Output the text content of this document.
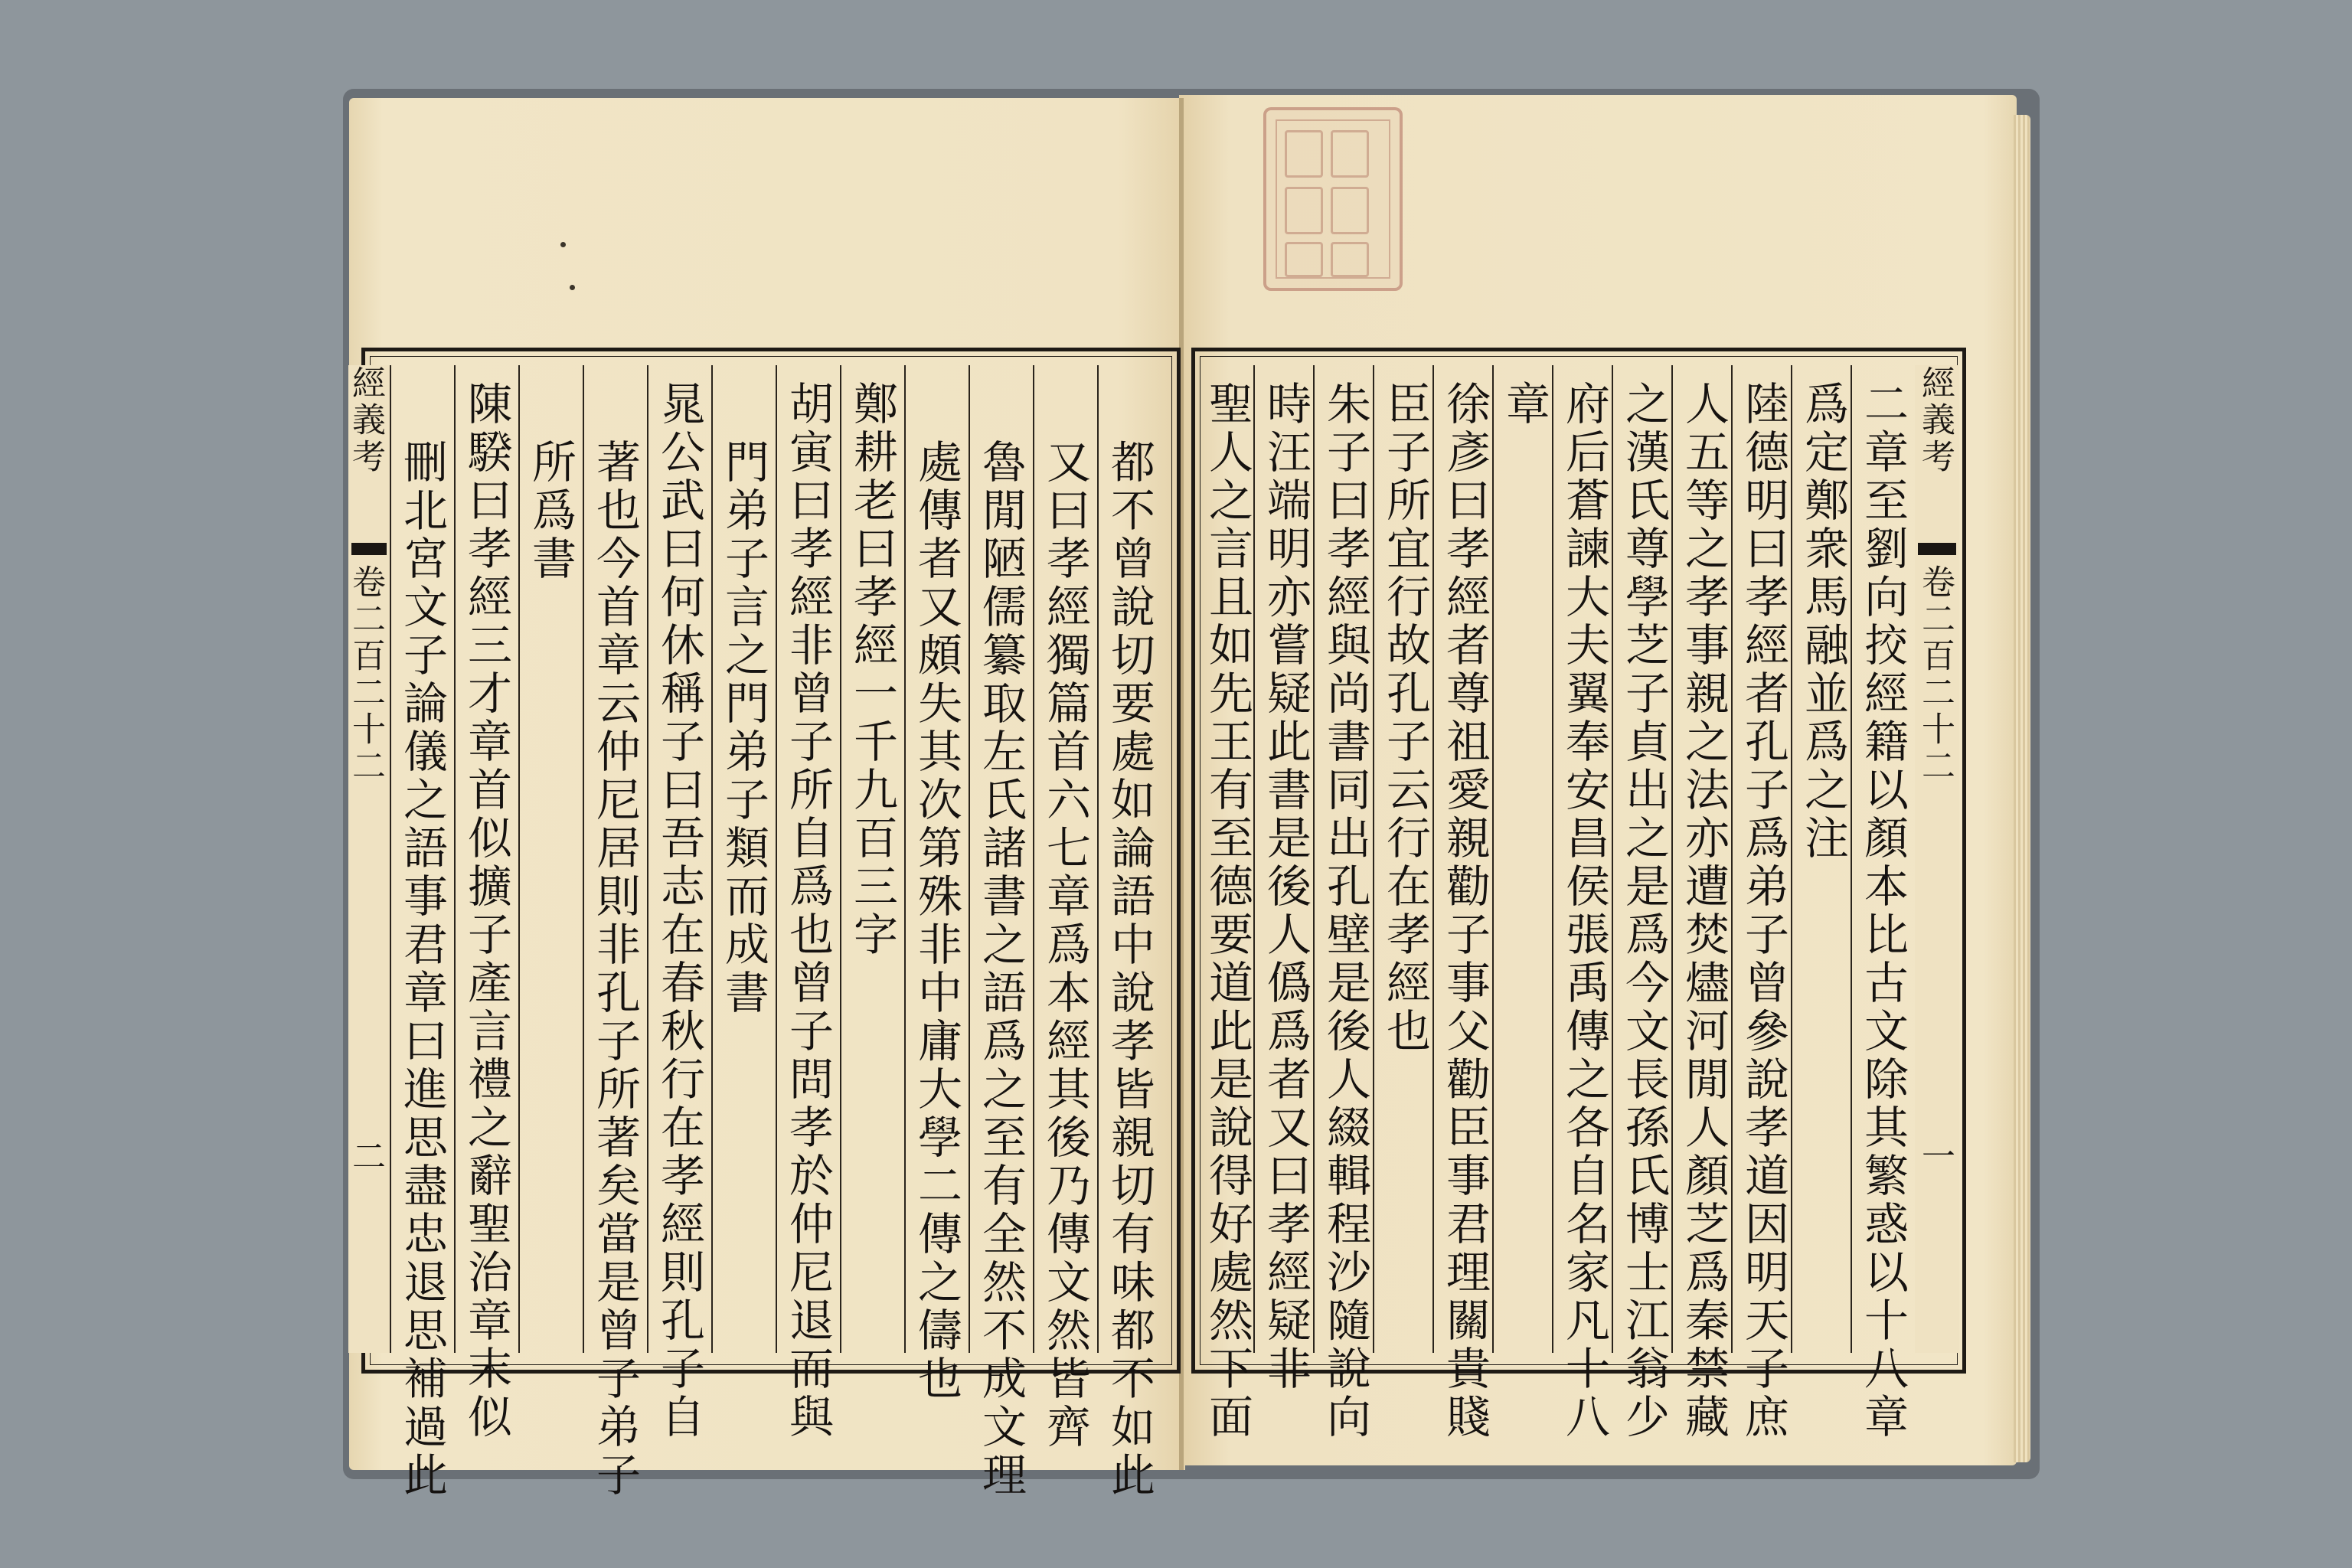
經義考
卷二百二十二
一
二章至劉向挍經籍以顏本比古文除其繁惑以十八章
爲定鄭衆馬融並爲之注
陸德明曰孝經者孔子爲弟子曾參說孝道因明天子庶
人五等之孝事親之法亦遭焚燼河閒人顏芝爲秦禁藏
之漢氏尊學芝子貞出之是爲今文長孫氏博士江翁少
府后蒼諫大夫翼奉安昌侯張禹傳之各自名家凡十八
章
徐彥曰孝經者尊祖愛親勸子事父勸臣事君理關貴賤
臣子所宜行故孔子云行在孝經也
朱子曰孝經與尚書同出孔壁是後人綴輯程沙隨說向
時汪端明亦嘗疑此書是後人僞爲者又曰孝經疑非
聖人之言且如先王有至德要道此是說得好處然下面
都不曾說切要處如論語中說孝皆親切有味都不如此
又曰孝經獨篇首六七章爲本經其後乃傳文然皆齊
魯閒陋儒纂取左氏諸書之語爲之至有全然不成文理
處傳者又頗失其次第殊非中庸大學二傳之儔也
鄭耕老曰孝經一千九百三字
胡寅曰孝經非曾子所自爲也曾子問孝於仲尼退而與
門弟子言之門弟子類而成書
晁公武曰何休稱子曰吾志在春秋行在孝經則孔子自
著也今首章云仲尼居則非孔子所著矣當是曾子弟子
所爲書
陳騤曰孝經三才章首似擴子產言禮之辭聖治章末似
刪北宮文子論儀之語事君章曰進思盡忠退思補過此
經義考
卷二百二十二
二
